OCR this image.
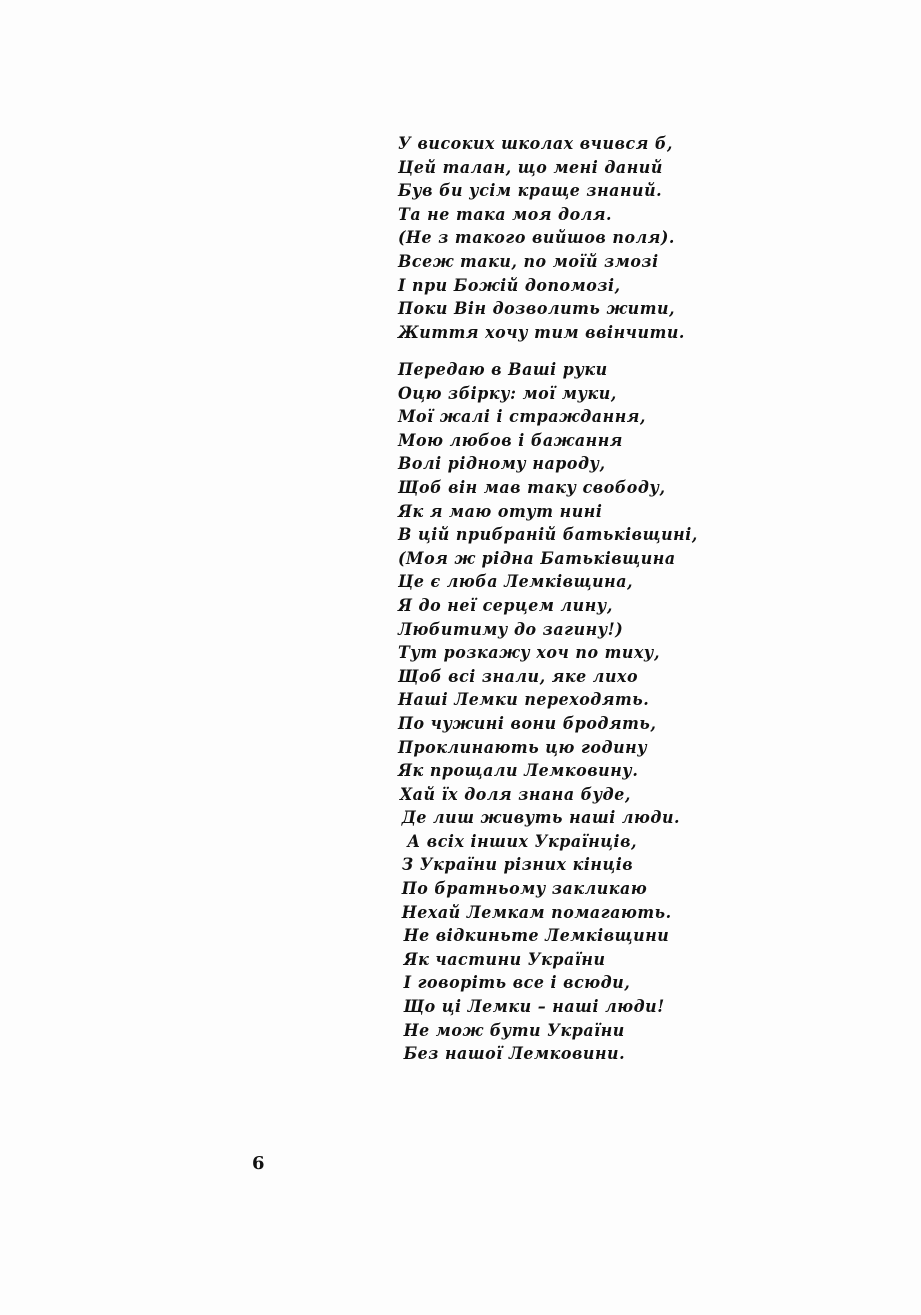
У високих школах вчився б,
Цей талан, що мені даний
Був би усім краще знаний.
Та не така моя доля.
(Не з такого вийшов поля).
Всеж таки, по моїй змозі
І при Божій допомозі,
Поки Він дозволить жити,
Життя хочу тим ввінчити.
Передаю в Ваші руки
Оцю збірку: мої муки,
Мої жалі і страждання,
Мою любов і бажання
Волі рідному народу,
Щоб він мав таку свободу,
Як я маю отут нині
В цій прибраній батьківщині,
(Моя ж рідна Батьківщина
Це є люба Лемківщина,
Я до неї серцем лину,
Любитиму до загину!)
Тут розкажу хоч по тиху,
Щоб всі знали, яке лихо
Наші Лемки переходять.
По чужині вони бродять,
Проклинають цю годину
Як прощали Лемковину.
Хай їх доля знана буде,
Де лиш живуть наші люди.
А всіх інших Українців,
З України різних кінців
По братньому закликаю
Нехай Лемкам помагають.
Не відкиньте Лемківщини
Як частини України
І говоріть все і всюди,
Що ці Лемки – наші люди!
Не мож бути України
Без нашої Лемковини.
6
